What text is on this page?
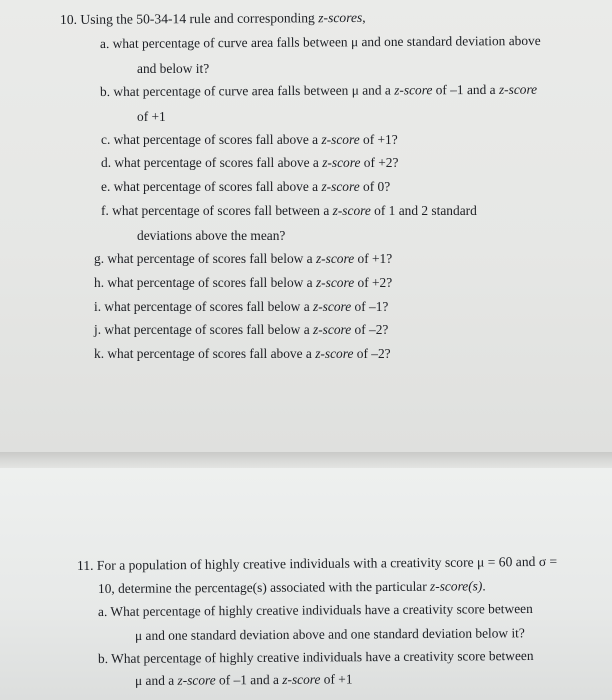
10. Using the 50-34-14 rule and corresponding z-scores,
a. what percentage of curve area falls between μ and one standard deviation above
and below it?
b. what percentage of curve area falls between μ and a z-score of –1 and a z-score
of +1
c. what percentage of scores fall above a z-score of +1?
d. what percentage of scores fall above a z-score of +2?
e. what percentage of scores fall above a z-score of 0?
f. what percentage of scores fall between a z-score of 1 and 2 standard
deviations above the mean?
g. what percentage of scores fall below a z-score of +1?
h. what percentage of scores fall below a z-score of +2?
i. what percentage of scores fall below a z-score of –1?
j. what percentage of scores fall below a z-score of –2?
k. what percentage of scores fall above a z-score of –2?
11. For a population of highly creative individuals with a creativity score μ = 60 and σ =
10, determine the percentage(s) associated with the particular z-score(s).
a. What percentage of highly creative individuals have a creativity score between
μ and one standard deviation above and one standard deviation below it?
b. What percentage of highly creative individuals have a creativity score between
μ and a z-score of –1 and a z-score of +1
